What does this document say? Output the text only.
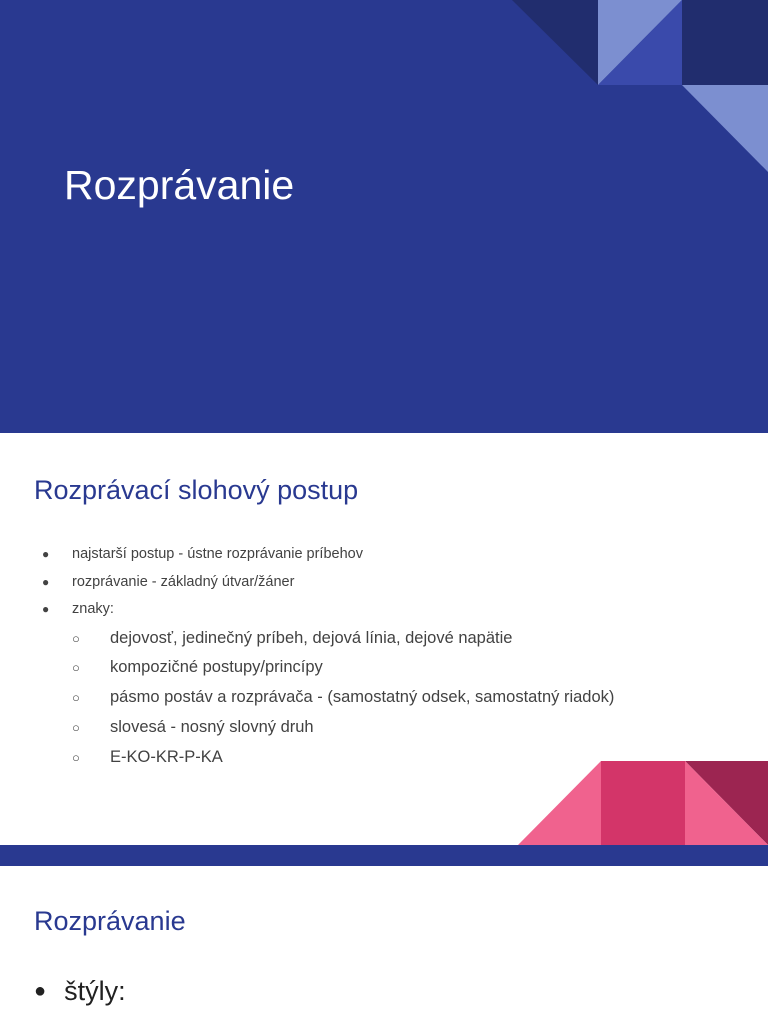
Rozprávanie
Rozprávací slohový postup
● najstarší postup - ústne rozprávanie príbehov
● rozprávanie - základný útvar/žáner
● znaky:
○ dejovosť, jedinečný príbeh, dejová línia, dejové napätie
○ kompozičné postupy/princípy
○ pásmo postáv a rozprávača - (samostatný odsek, samostatný riadok)
○ slovesá - nosný slovný druh
○ E-KO-KR-P-KA
Rozprávanie
● štýly:
